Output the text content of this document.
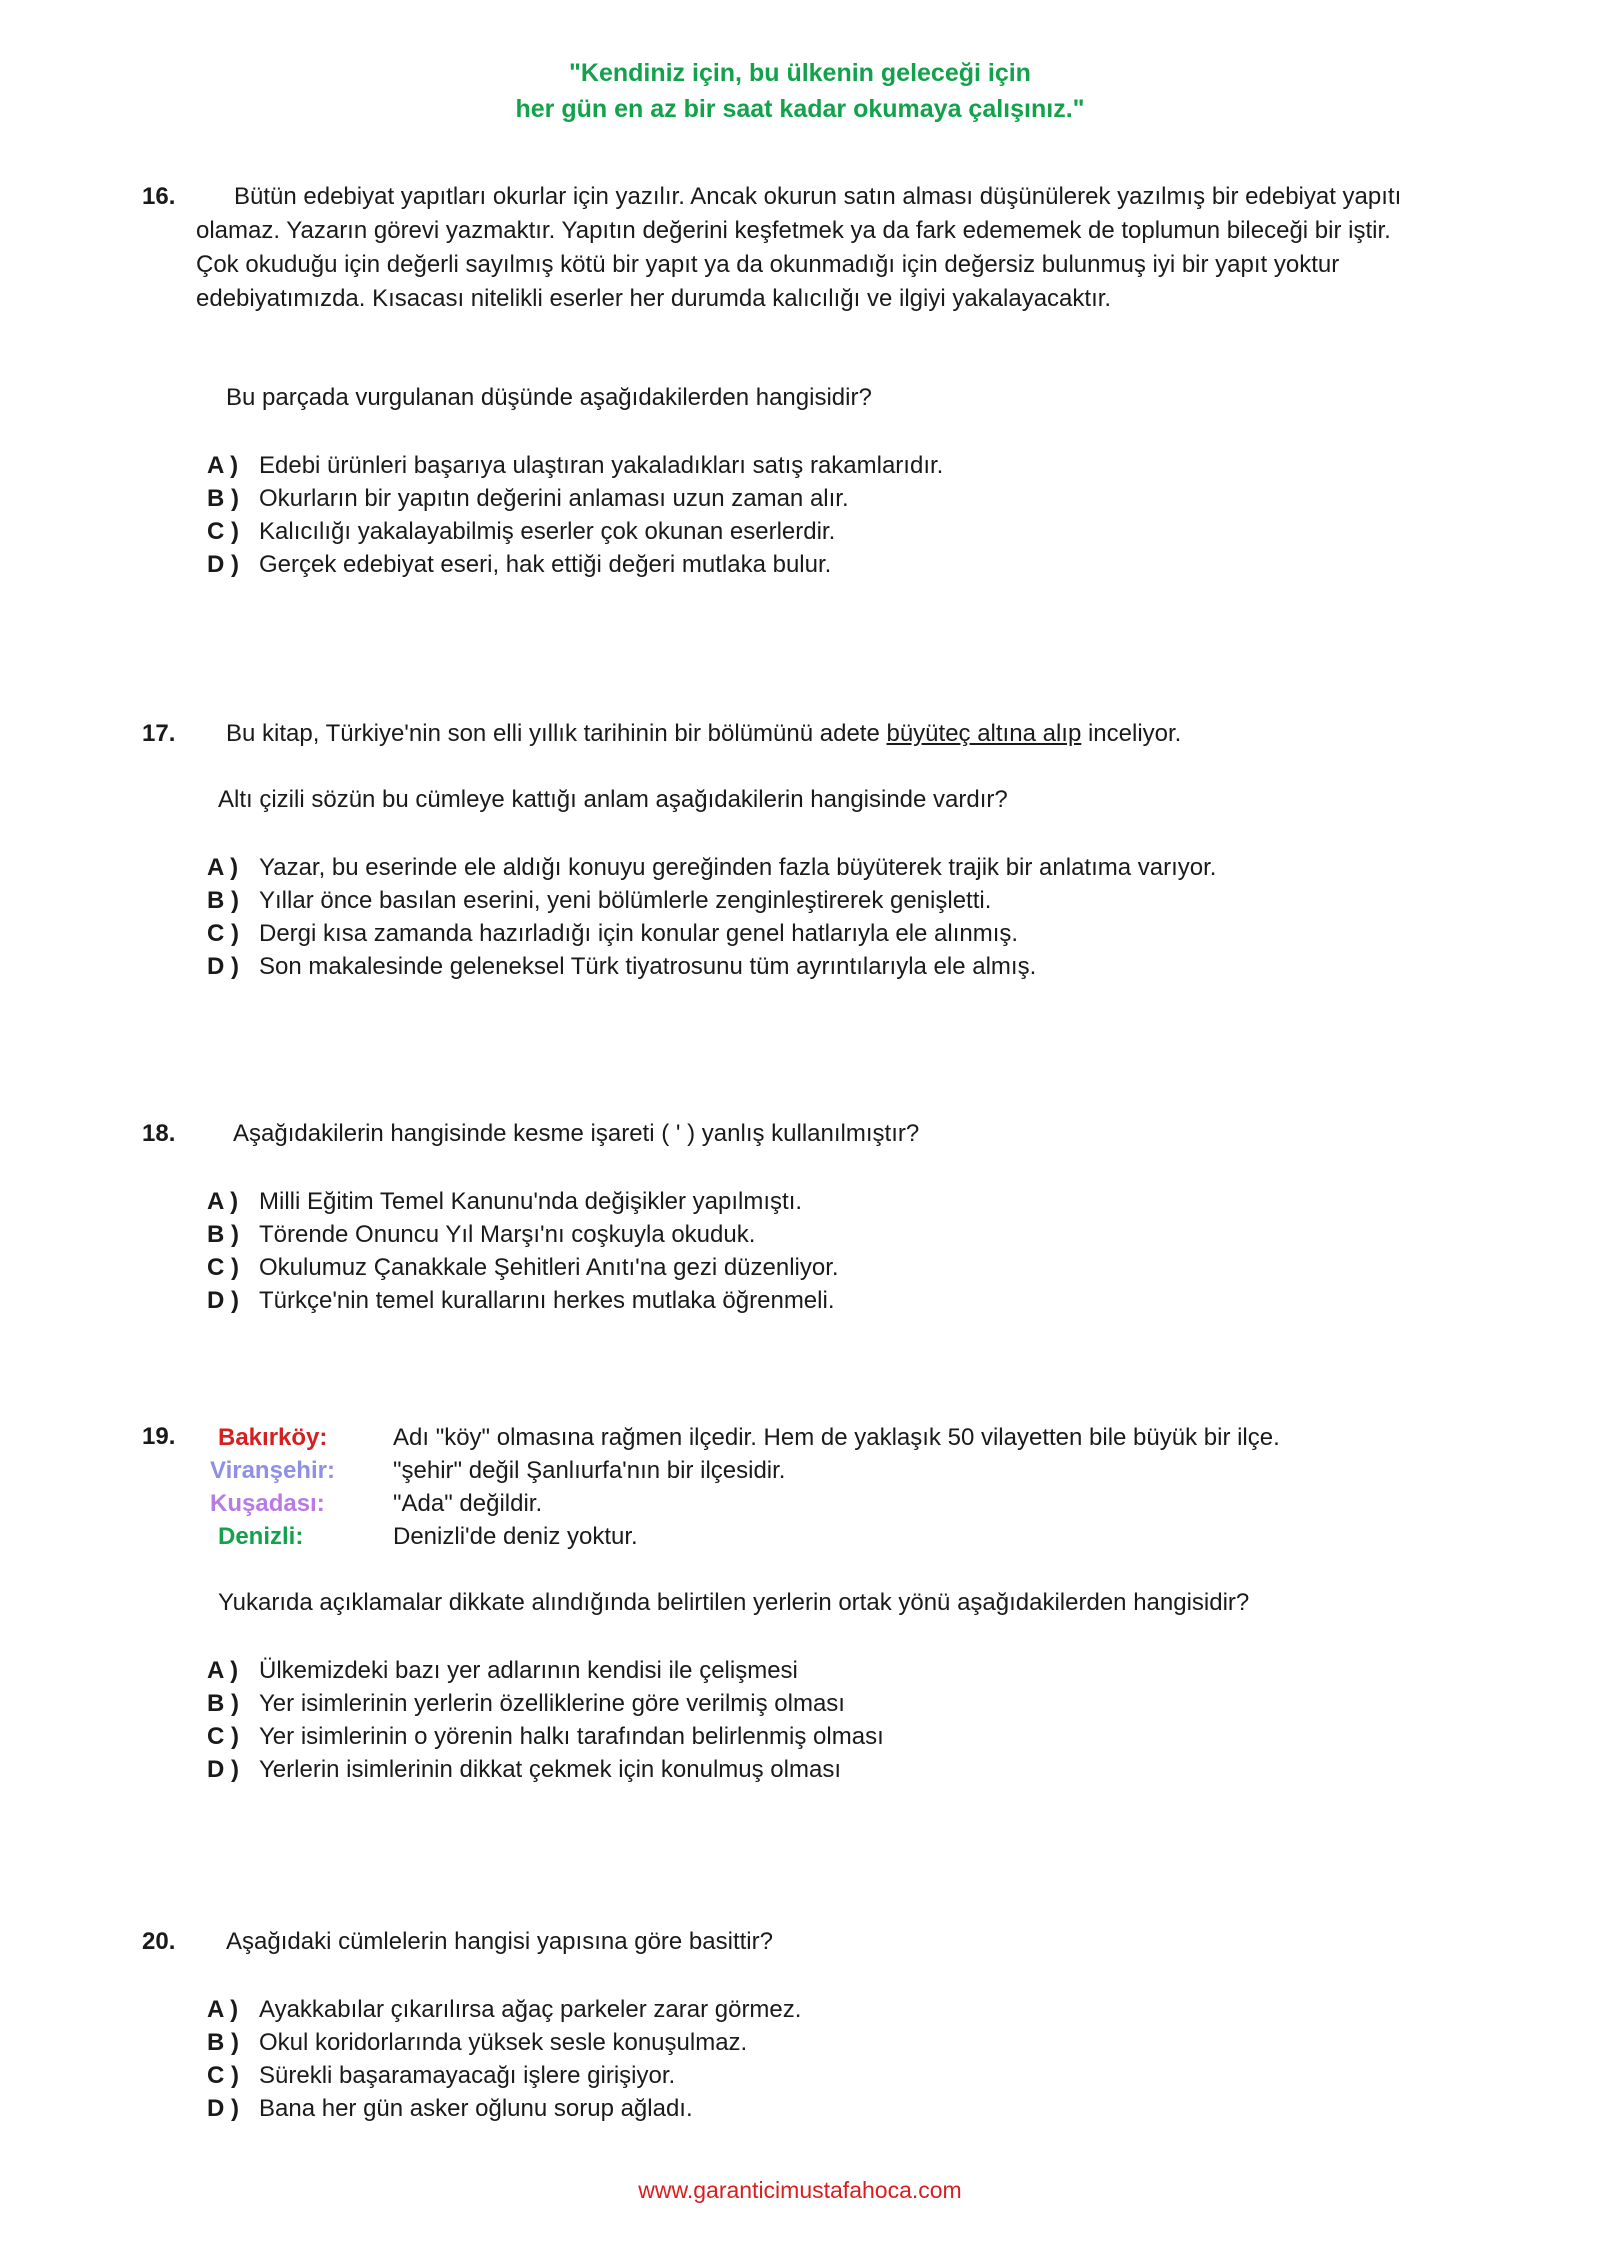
"Kendiniz için, bu ülkenin geleceği için
her gün en az bir saat kadar okumaya çalışınız."
16.	Bütün edebiyat yapıtları okurlar için yazılır. Ancak okurun satın alması düşünülerek yazılmış bir edebiyat yapıtı olamaz. Yazarın görevi yazmaktır. Yapıtın değerini keşfetmek ya da fark edememek de toplumun bileceği bir iştir. Çok okuduğu için değerli sayılmış kötü bir yapıt ya da okunmadığı için değersiz bulunmuş iyi bir yapıt yoktur edebiyatımızda. Kısacası nitelikli eserler her durumda kalıcılığı ve ilgiyi yakalayacaktır.

Bu parçada vurgulanan düşünde aşağıdakilerden hangisidir?
A ) Edebi ürünleri başarıya ulaştıran yakaladıkları satış rakamlarıdır.
B ) Okurların bir yapıtın değerini anlaması uzun zaman alır.
C ) Kalıcılığı yakalayabilmiş eserler çok okunan eserlerdir.
D ) Gerçek edebiyat eseri, hak ettiği değeri mutlaka bulur.
17. Bu kitap, Türkiye'nin son elli yıllık tarihinin bir bölümünü adete büyüteç altına alıp inceliyor.
Altı çizili sözün bu cümleye kattığı anlam aşağıdakilerin hangisinde vardır?
A ) Yazar, bu eserinde ele aldığı konuyu gereğinden fazla büyüterek trajik bir anlatıma varıyor.
B ) Yıllar önce basılan eserini, yeni bölümlerle zenginleştirerek genişletti.
C ) Dergi kısa zamanda hazırladığı için konular genel hatlarıyla ele alınmış.
D ) Son makalesinde geleneksel Türk tiyatrosunu tüm ayrıntılarıyla ele almış.
18. Aşağıdakilerin hangisinde kesme işareti ( ' ) yanlış kullanılmıştır?
A ) Milli Eğitim Temel Kanunu'nda değişikler yapılmıştı.
B ) Törende Onuncu Yıl Marşı'nı coşkuyla okuduk.
C ) Okulumuz Çanakkale Şehitleri Anıtı'na gezi düzenliyor.
D ) Türkçe'nin temel kurallarını herkes mutlaka öğrenmeli.
19. Bakırköy:	Adı "köy" olmasına rağmen ilçedir. Hem de yaklaşık 50 vilayetten bile büyük bir ilçe.
Viranşehir: "şehir" değil Şanlıurfa'nın bir ilçesidir.
Kuşadası:	"Ada" değildir.
Denizli:	Denizli'de deniz yoktur.
Yukarıda açıklamalar dikkate alındığında belirtilen yerlerin ortak yönü aşağıdakilerden hangisidir?
A ) Ülkemizdeki bazı yer adlarının kendisi ile çelişmesi
B ) Yer isimlerinin yerlerin özelliklerine göre verilmiş olması
C ) Yer isimlerinin o yörenin halkı tarafından belirlenmiş olması
D ) Yerlerin isimlerinin dikkat çekmek için konulmuş olması
20. Aşağıdaki cümlelerin hangisi yapısına göre basittir?
A ) Ayakkabılar çıkarılırsa ağaç parkeler zarar görmez.
B ) Okul koridorlarında yüksek sesle konuşulmaz.
C ) Sürekli başaramayacağı işlere girişiyor.
D ) Bana her gün asker oğlunu sorup ağladı.
www.garanticimustafahoca.com
